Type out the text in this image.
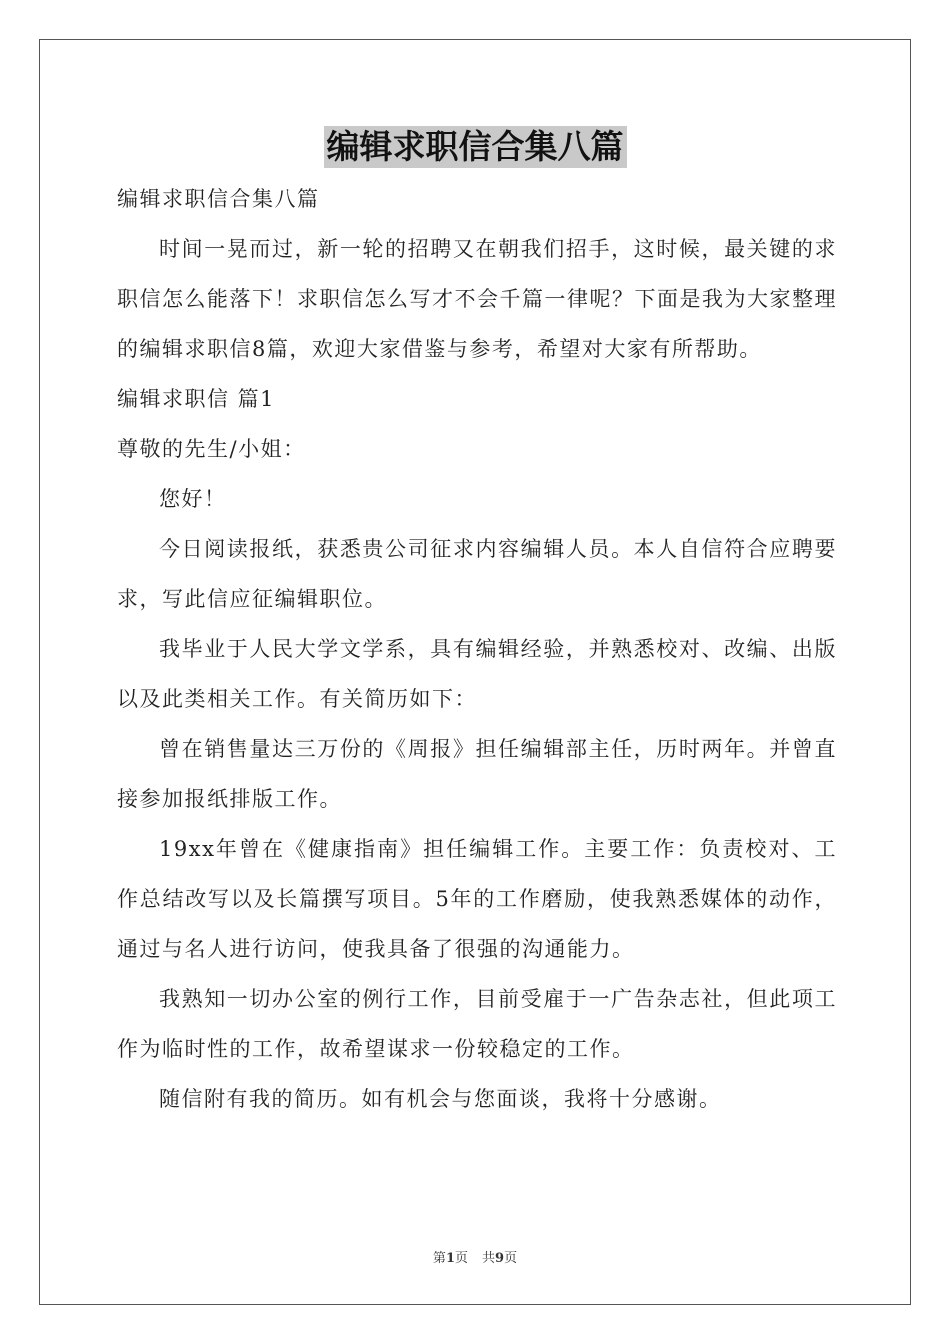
编辑求职信合集八篇

编辑求职信合集八篇

时间一晃而过，新一轮的招聘又在朝我们招手，这时候，最关键的求职信怎么能落下！求职信怎么写才不会千篇一律呢？下面是我为大家整理的编辑求职信8篇，欢迎大家借鉴与参考，希望对大家有所帮助。

编辑求职信 篇1

尊敬的先生/小姐：

您好！

今日阅读报纸，获悉贵公司征求内容编辑人员。本人自信符合应聘要求，写此信应征编辑职位。

我毕业于人民大学文学系，具有编辑经验，并熟悉校对、改编、出版以及此类相关工作。有关简历如下：

曾在销售量达三万份的《周报》担任编辑部主任，历时两年。并曾直接参加报纸排版工作。

19xx年曾在《健康指南》担任编辑工作。主要工作：负责校对、工作总结改写以及长篇撰写项目。5年的工作磨励，使我熟悉媒体的动作，通过与名人进行访问，使我具备了很强的沟通能力。

我熟知一切办公室的例行工作，目前受雇于一广告杂志社，但此项工作为临时性的工作，故希望谋求一份较稳定的工作。

随信附有我的简历。如有机会与您面谈，我将十分感谢。

第1页 共9页
